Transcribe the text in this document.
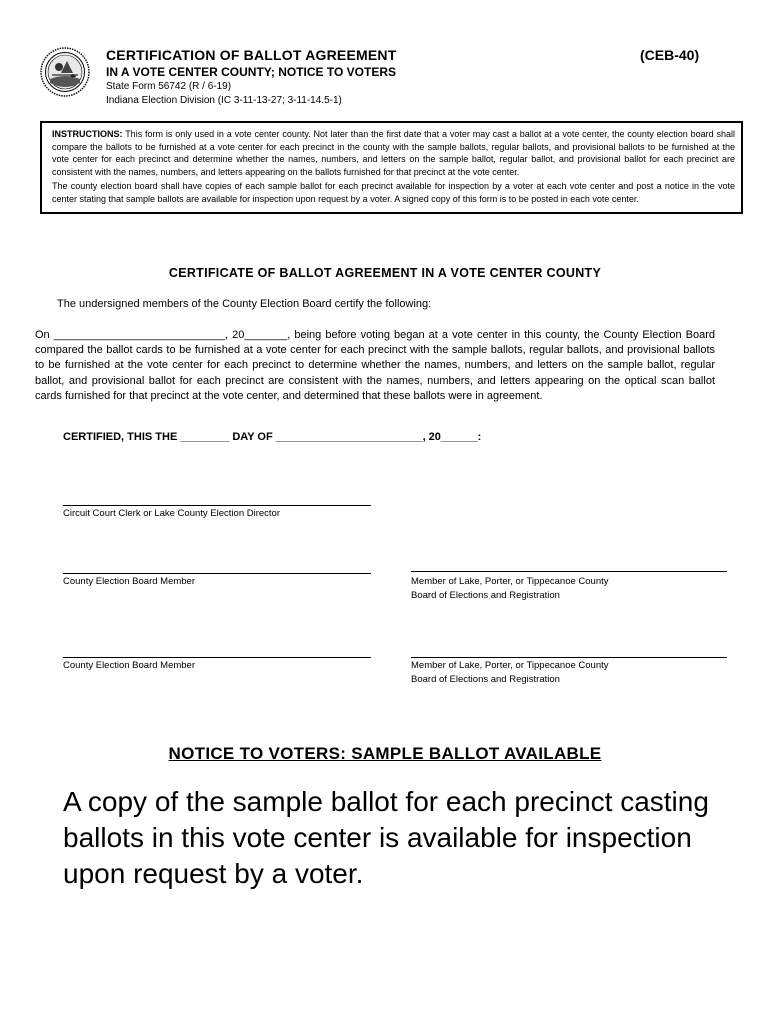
CERTIFICATION OF BALLOT AGREEMENT
IN A VOTE CENTER COUNTY; NOTICE TO VOTERS
State Form 56742 (R / 6-19)
Indiana Election Division (IC 3-11-13-27; 3-11-14.5-1)
(CEB-40)

INSTRUCTIONS: This form is only used in a vote center county. Not later than the first date that a voter may cast a ballot at a vote center, the county election board shall compare the ballots to be furnished at a vote center for each precinct in the county with the sample ballots, regular ballots, and provisional ballots to be furnished at the vote center for each precinct and determine whether the names, numbers, and letters on the sample ballot, regular ballot, and provisional ballot for each precinct are consistent with the names, numbers, and letters appearing on the ballots furnished for that precinct at the vote center.

The county election board shall have copies of each sample ballot for each precinct available for inspection by a voter at each vote center and post a notice in the vote center stating that sample ballots are available for inspection upon request by a voter. A signed copy of this form is to be posted in each vote center.

CERTIFICATE OF BALLOT AGREEMENT IN A VOTE CENTER COUNTY
The undersigned members of the County Election Board certify the following:
On ____________________________, 20_______, being before voting began at a vote center in this county, the County Election Board compared the ballot cards to be furnished at a vote center for each precinct with the sample ballots, regular ballots, and provisional ballots to be furnished at the vote center for each precinct to determine whether the names, numbers, and letters on the sample ballot, regular ballot, and provisional ballot for each precinct are consistent with the names, numbers, and letters appearing on the optical scan ballot cards furnished for that precinct at the vote center, and determined that these ballots were in agreement.
CERTIFIED, THIS THE ________ DAY OF ________________________, 20______:
Circuit Court Clerk or Lake County Election Director
County Election Board Member	Member of Lake, Porter, or Tippecanoe County
Board of Elections and Registration
County Election Board Member	Member of Lake, Porter, or Tippecanoe County
Board of Elections and Registration
NOTICE TO VOTERS: SAMPLE BALLOT AVAILABLE
A copy of the sample ballot for each precinct casting ballots in this vote center is available for inspection upon request by a voter.
